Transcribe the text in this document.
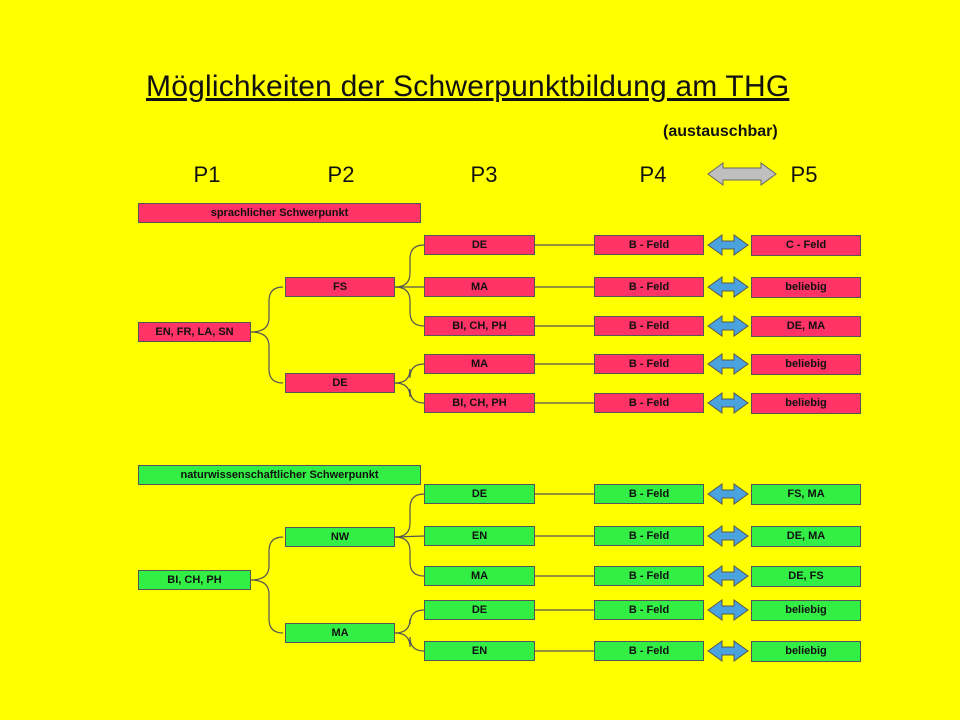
Möglichkeiten der Schwerpunktbildung am THG
(austauschbar)
P1	P2	P3	P4	P5
sprachlicher Schwerpunkt
EN, FR, LA, SN
FS
DE	B - Feld	C - Feld
MA	B - Feld	beliebig
BI, CH, PH	B - Feld	DE, MA
DE
MA	B - Feld	beliebig
BI, CH, PH	B - Feld	beliebig
naturwissenschaftlicher Schwerpunkt
BI, CH, PH
NW
DE	B - Feld	FS, MA
EN	B - Feld	DE, MA
MA	B - Feld	DE, FS
MA
DE	B - Feld	beliebig
EN	B - Feld	beliebig
